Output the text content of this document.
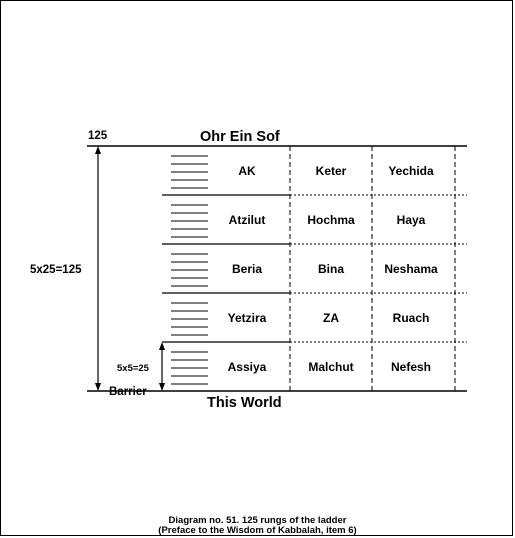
125	Ohr Ein Sof
This World
Barrier
5x25=125
5x5=25
AK	Keter	Yechida
Atzilut	Hochma	Haya
Beria	Bina	Neshama
Yetzira	ZA	Ruach
Assiya	Malchut	Nefesh
Diagram no. 51. 125 rungs of the ladder
(Preface to the Wisdom of Kabbalah, item 6)
